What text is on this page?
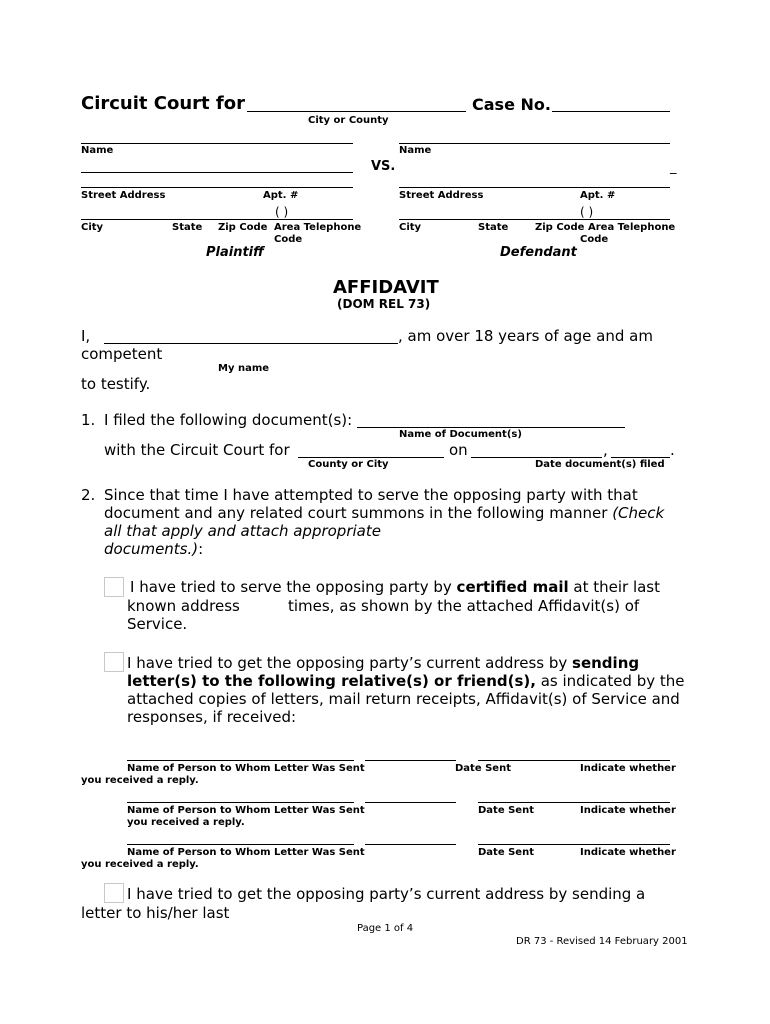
Circuit Court for	Case No.
City or County
Name
Street Address	Apt. #
( )
City	State Zip Code Area Telephone
Code
Plaintiff
VS.
Name
_
Street Address	Apt. #
( )
City	State	Zip Code Area Telephone
Code
Defendant
AFFIDAVIT
(DOM REL 73)
I,	, am over 18 years of age and am
competent
My name
to testify.
1. I filed the following document(s):
Name of Document(s)
with the Circuit Court for	on	,	.
County or City	Date document(s) filed
2. Since that time I have attempted to serve the opposing party with that
document and any related court summons in the following manner (Check
all that apply and attach appropriate
documents.):
I have tried to serve the opposing party by certified mail at their last
known address	times, as shown by the attached Affidavit(s) of
Service.
I have tried to get the opposing party’s current address by sending
letter(s) to the following relative(s) or friend(s), as indicated by the
attached copies of letters, mail return receipts, Affidavit(s) of Service and
responses, if received:
Name of Person to Whom Letter Was Sent	Date Sent	Indicate whether
you received a reply.
Name of Person to Whom Letter Was Sent	Date Sent	Indicate whether
you received a reply.
Name of Person to Whom Letter Was Sent	Date Sent	Indicate whether
you received a reply.
I have tried to get the opposing party’s current address by sending a
letter to his/her last
Page 1 of 4
DR 73 - Revised 14 February 2001
